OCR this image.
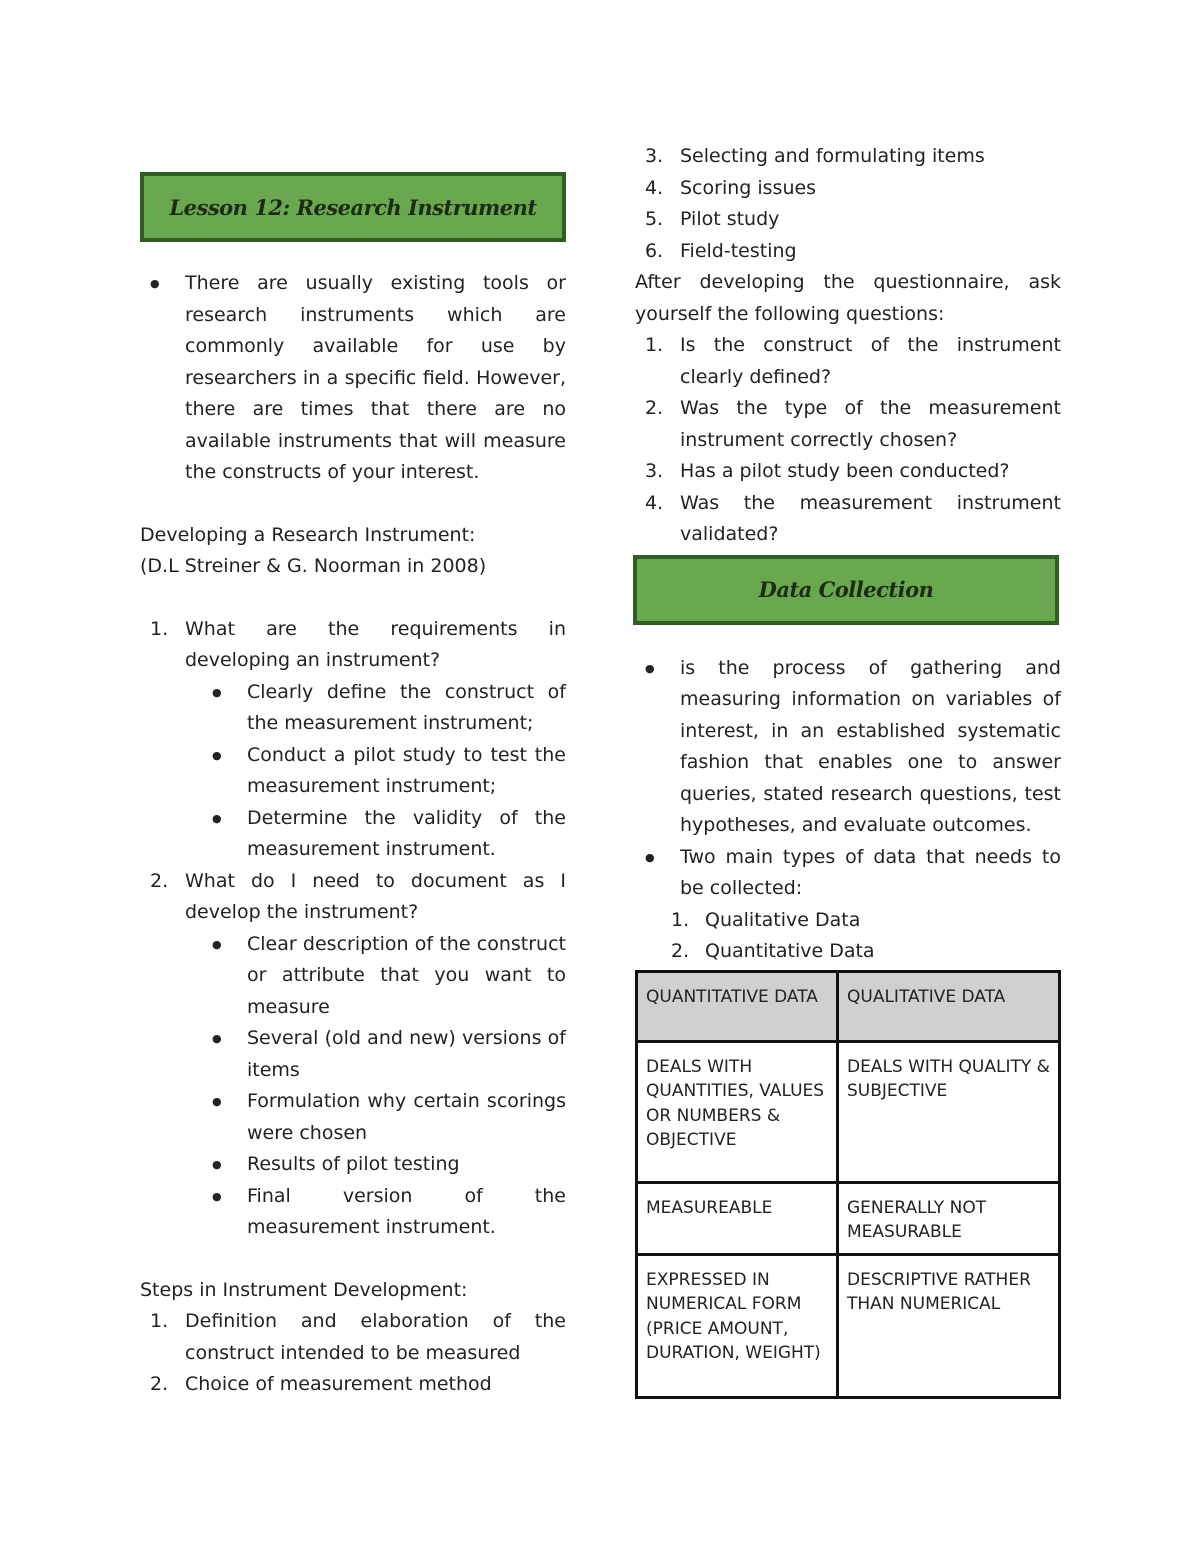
Lesson 12: Research Instrument
● There are usually existing tools or research instruments which are commonly available for use by researchers in a specific field. However, there are times that there are no available instruments that will measure the constructs of your interest.
Developing a Research Instrument:
(D.L Streiner & G. Noorman in 2008)
1. What are the requirements in developing an instrument?
● Clearly define the construct of the measurement instrument;
● Conduct a pilot study to test the measurement instrument;
● Determine the validity of the measurement instrument.
2. What do I need to document as I develop the instrument?
● Clear description of the construct or attribute that you want to measure
● Several (old and new) versions of items
● Formulation why certain scorings were chosen
● Results of pilot testing
● Final version of the measurement instrument.
Steps in Instrument Development:
1. Definition and elaboration of the construct intended to be measured
2. Choice of measurement method
3. Selecting and formulating items
4. Scoring issues
5. Pilot study
6. Field-testing
After developing the questionnaire, ask yourself the following questions:
1. Is the construct of the instrument clearly defined?
2. Was the type of the measurement instrument correctly chosen?
3. Has a pilot study been conducted?
4. Was the measurement instrument validated?
Data Collection
● is the process of gathering and measuring information on variables of interest, in an established systematic fashion that enables one to answer queries, stated research questions, test hypotheses, and evaluate outcomes.
● Two main types of data that needs to be collected:
1. Qualitative Data
2. Quantitative Data
QUANTITATIVE DATA	QUALITATIVE DATA
DEALS WITH QUANTITIES, VALUES OR NUMBERS & OBJECTIVE	DEALS WITH QUALITY & SUBJECTIVE
MEASUREABLE	GENERALLY NOT MEASURABLE
EXPRESSED IN NUMERICAL FORM (PRICE AMOUNT, DURATION, WEIGHT)	DESCRIPTIVE RATHER THAN NUMERICAL
